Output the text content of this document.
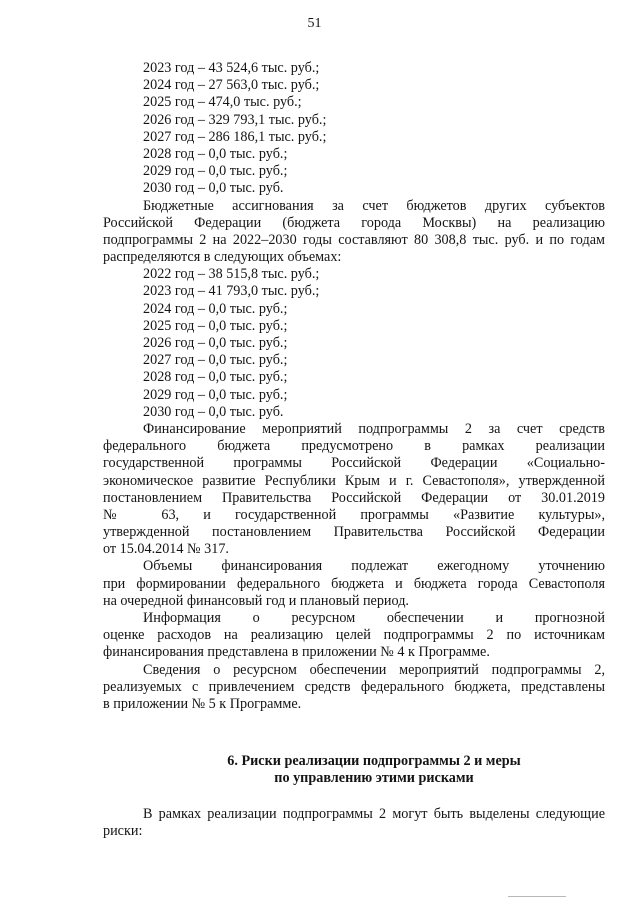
51
2023 год – 43 524,6 тыс. руб.;
2024 год – 27 563,0 тыс. руб.;
2025 год – 474,0 тыс. руб.;
2026 год – 329 793,1 тыс. руб.;
2027 год – 286 186,1 тыс. руб.;
2028 год – 0,0 тыс. руб.;
2029 год – 0,0 тыс. руб.;
2030 год – 0,0 тыс. руб.
Бюджетные ассигнования за счет бюджетов других субъектов
Российской Федерации (бюджета города Москвы) на реализацию
подпрограммы 2 на 2022–2030 годы составляют 80 308,8 тыс. руб. и по годам
распределяются в следующих объемах:
2022 год – 38 515,8 тыс. руб.;
2023 год – 41 793,0 тыс. руб.;
2024 год – 0,0 тыс. руб.;
2025 год – 0,0 тыс. руб.;
2026 год – 0,0 тыс. руб.;
2027 год – 0,0 тыс. руб.;
2028 год – 0,0 тыс. руб.;
2029 год – 0,0 тыс. руб.;
2030 год – 0,0 тыс. руб.
Финансирование мероприятий подпрограммы 2 за счет средств
федерального бюджета предусмотрено в рамках реализации
государственной программы Российской Федерации «Социально-
экономическое развитие Республики Крым и г. Севастополя», утвержденной
постановлением Правительства Российской Федерации от 30.01.2019
№ 63, и государственной программы «Развитие культуры»,
утвержденной постановлением Правительства Российской Федерации
от 15.04.2014 № 317.
Объемы финансирования подлежат ежегодному уточнению
при формировании федерального бюджета и бюджета города Севастополя
на очередной финансовый год и плановый период.
Информация о ресурсном обеспечении и прогнозной
оценке расходов на реализацию целей подпрограммы 2 по источникам
финансирования представлена в приложении № 4 к Программе.
Сведения о ресурсном обеспечении мероприятий подпрограммы 2,
реализуемых с привлечением средств федерального бюджета, представлены
в приложении № 5 к Программе.
6. Риски реализации подпрограммы 2 и меры
по управлению этими рисками
В рамках реализации подпрограммы 2 могут быть выделены следующие
риски:
